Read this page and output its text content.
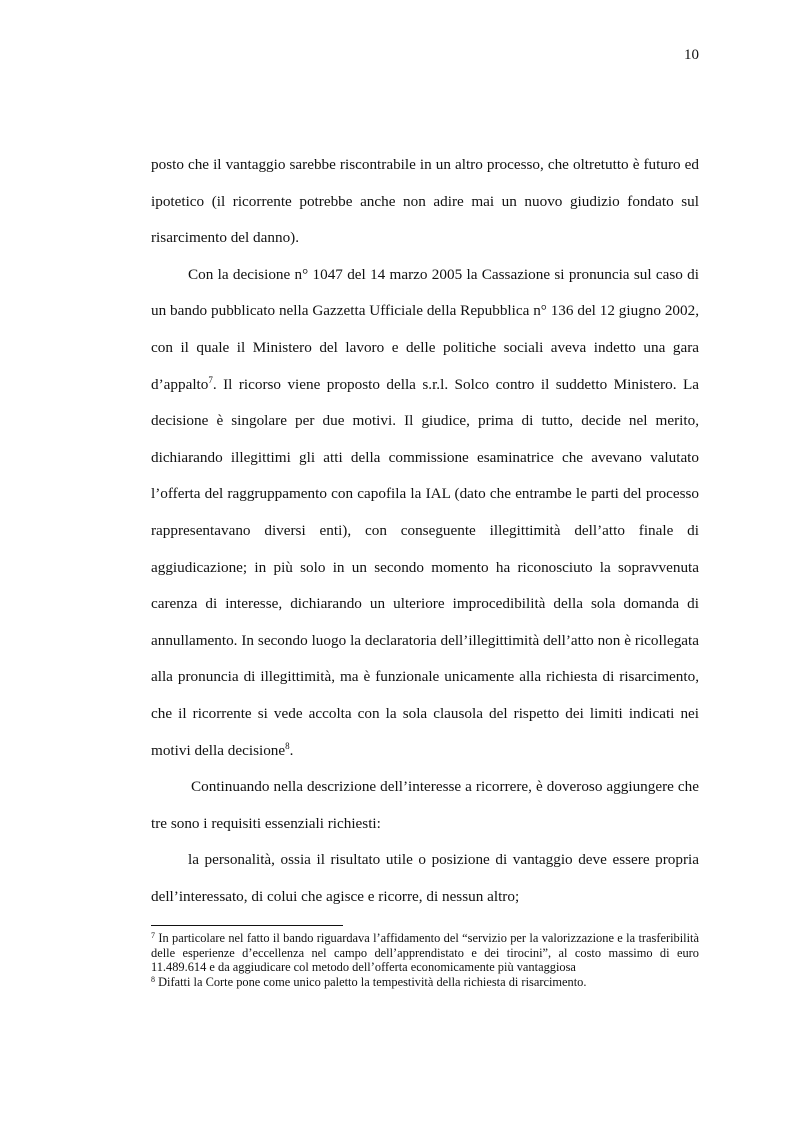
10

posto che il vantaggio sarebbe riscontrabile in un altro processo, che oltretutto è futuro ed ipotetico (il ricorrente potrebbe anche non adire mai un nuovo giudizio fondato sul risarcimento del danno).

Con la decisione n° 1047 del 14 marzo 2005 la Cassazione si pronuncia sul caso di un bando pubblicato nella Gazzetta Ufficiale della Repubblica n° 136 del 12 giugno 2002, con il quale il Ministero del lavoro e delle politiche sociali aveva indetto una gara d’appalto$^7$. Il ricorso viene proposto della s.r.l. Solco contro il suddetto Ministero. La decisione è singolare per due motivi. Il giudice, prima di tutto, decide nel merito, dichiarando illegittimi gli atti della commissione esaminatrice che avevano valutato l’offerta del raggruppamento con capofila la IAL (dato che entrambe le parti del processo rappresentavano diversi enti), con conseguente illegittimità dell’atto finale di aggiudicazione; in più solo in un secondo momento ha riconosciuto la sopravvenuta carenza di interesse, dichiarando un ulteriore improcedibilità della sola domanda di annullamento. In secondo luogo la declaratoria dell’illegittimità dell’atto non è ricollegata alla pronuncia di illegittimità, ma è funzionale unicamente alla richiesta di risarcimento, che il ricorrente si vede accolta con la sola clausola del rispetto dei limiti indicati nei motivi della decisione$^8$.

Continuando nella descrizione dell’interesse a ricorrere, è doveroso aggiungere che tre sono i requisiti essenziali richiesti:

la personalità, ossia il risultato utile o posizione di vantaggio deve essere propria dell’interessato, di colui che agisce e ricorre, di nessun altro;

$^7$ In particolare nel fatto il bando riguardava l’affidamento del “servizio per la valorizzazione e la trasferibilità delle esperienze d’eccellenza nel campo dell’apprendistato e dei tirocini”, al costo massimo di euro 11.489.614 e da aggiudicare col metodo dell’offerta economicamente più vantaggiosa

$^8$ Difatti la Corte pone come unico paletto la tempestività della richiesta di risarcimento.
